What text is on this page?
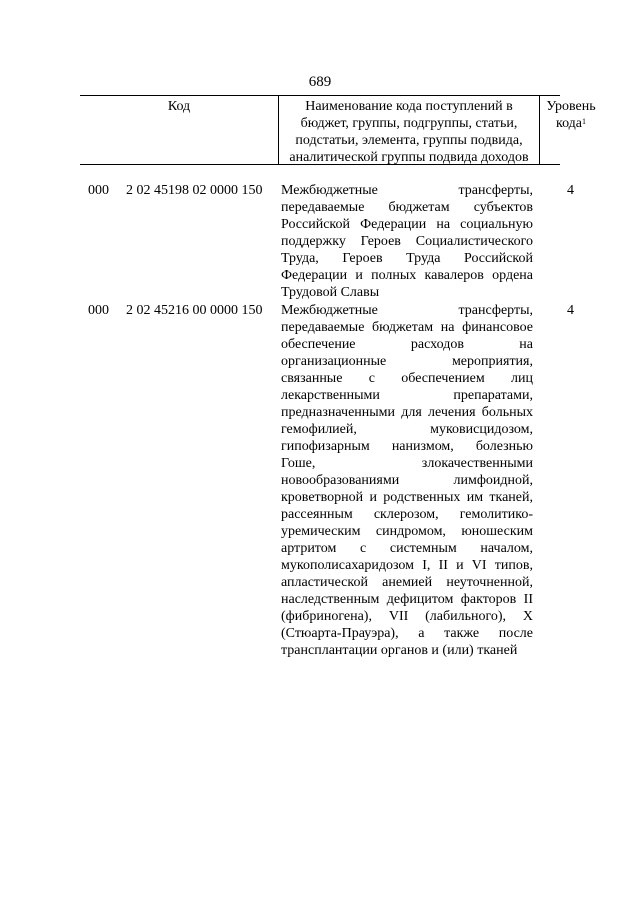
689
Код	Наименование кода поступлений в
бюджет, группы, подгруппы, статьи,
подстатьи, элемента, группы подвида,
аналитической группы подвида доходов
Уровень
кода$^1$
000 2 02 45198 02 0000 150 Межбюджетные трансферты,
передаваемые бюджетам субъектов
Российской Федерации на социальную
поддержку Героев Социалистического
Труда, Героев Труда Российской
Федерации и полных кавалеров ордена
Трудовой Славы
4
000 2 02 45216 00 0000 150 Межбюджетные трансферты,
передаваемые бюджетам на финансовое
обеспечение расходов на
организационные мероприятия,
связанные с обеспечением лиц
лекарственными препаратами,
предназначенными для лечения больных
гемофилией, муковисцидозом,
гипофизарным нанизмом, болезнью
Гоше, злокачественными
новообразованиями лимфоидной,
кроветворной и родственных им тканей,
рассеянным склерозом, гемолитико-
уремическим синдромом, юношеским
артритом с системным началом,
мукополисахаридозом I, II и VI типов,
апластической анемией неуточненной,
наследственным дефицитом факторов II
(фибриногена), VII (лабильного), X
(Стюарта-Прауэра), а также после
трансплантации органов и (или) тканей
4
